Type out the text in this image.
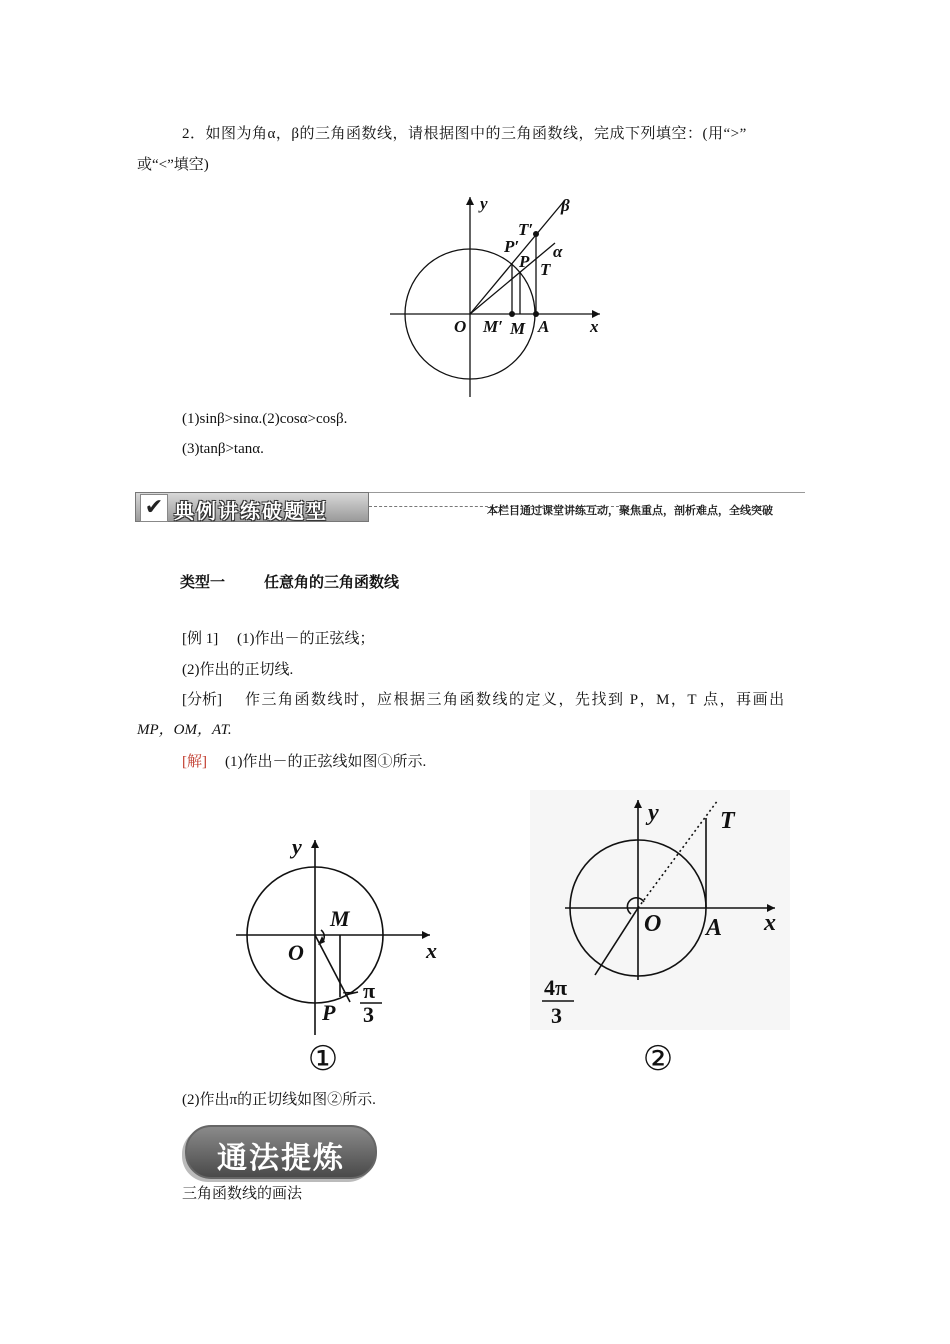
2．如图为角α，β的三角函数线，请根据图中的三角函数线，完成下列填空：(用“>”
或“<”填空)
y	β
T′
P′ α
P T
O M′ M A x
(1)sinβ>sinα.(2)cosα>cosβ.
(3)tanβ>tanα.
✔ 典例讲练破题型	本栏目通过课堂讲练互动，聚焦重点，剖析难点，全线突破
类型一	任意角的三角函数线
[例 1] (1)作出－的正弦线；
(2)作出的正切线.
[分析] 作三角函数线时，应根据三角函数线的定义，先找到 P，M，T 点，再画出
MP，OM，AT.
[解] (1)作出－的正弦线如图①所示.
y
M
O	x
P
− π
3
①
y	T
O A x
4π
3
②
(2)作出π的正切线如图②所示.
通法提炼
三角函数线的画法
